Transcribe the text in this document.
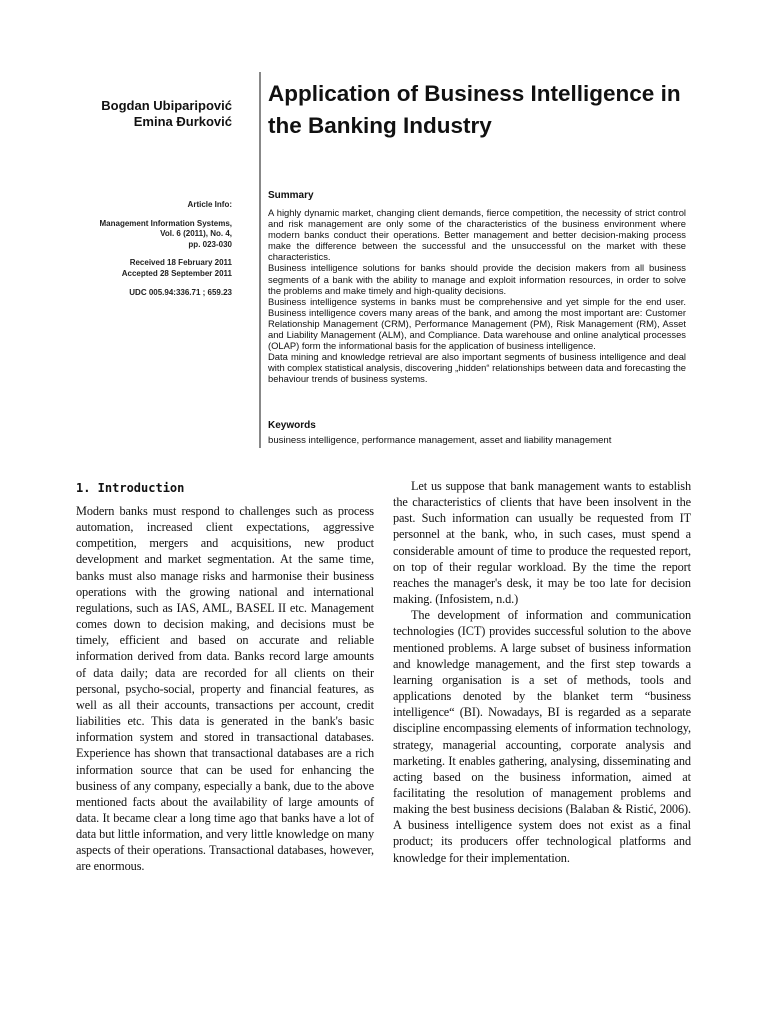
Bogdan Ubiparipović
Emina Đurković
Article Info:
Management Information Systems,
Vol. 6 (2011), No. 4,
pp. 023-030
Received 18 February 2011
Accepted 28 September 2011
UDC 005.94:336.71 ; 659.23
Application of Business Intelligence in the Banking Industry
Summary

A highly dynamic market, changing client demands, fierce competition, the necessity of strict control and risk management are only some of the characteristics of the business environment where modern banks conduct their operations. Better management and better decision-making process make the difference between the successful and the unsuccessful on the market with these characteristics.

Business intelligence solutions for banks should provide the decision makers from all business segments of a bank with the ability to manage and exploit information resources, in order to solve the problems and make timely and high-quality decisions.

Business intelligence systems in banks must be comprehensive and yet simple for the end user. Business intelligence covers many areas of the bank, and among the most important are: Customer Relationship Management (CRM), Performance Management (PM), Risk Management (RM), Asset and Liability Management (ALM), and Compliance. Data warehouse and online analytical processes (OLAP) form the informational basis for the application of business intelligence.

Data mining and knowledge retrieval are also important segments of business intelligence and deal with complex statistical analysis, discovering „hidden“ relationships between data and forecasting the behaviour trends of business systems.

Keywords
business intelligence, performance management, asset and liability management
1. Introduction

Modern banks must respond to challenges such as process automation, increased client expectations, aggressive competition, mergers and acquisitions, new product development and market segmentation. At the same time, banks must also manage risks and harmonise their business operations with the growing national and international regulations, such as IAS, AML, BASEL II etc. Management comes down to decision making, and decisions must be timely, efficient and based on accurate and reliable information derived from data. Banks record large amounts of data daily; data are recorded for all clients on their personal, psycho-social, property and financial features, as well as all their accounts, transactions per account, credit liabilities etc. This data is generated in the bank's basic information system and stored in transactional databases. Experience has shown that transactional databases are a rich information source that can be used for enhancing the business of any company, especially a bank, due to the above mentioned facts about the availability of large amounts of data. It became clear a long time ago that banks have a lot of data but little information, and very little knowledge on many aspects of their operations. Transactional databases, however, are enormous.

Let us suppose that bank management wants to establish the characteristics of clients that have been insolvent in the past. Such information can usually be requested from IT personnel at the bank, who, in such cases, must spend a considerable amount of time to produce the requested report, on top of their regular workload. By the time the report reaches the manager's desk, it may be too late for decision making. (Infosistem, n.d.)

The development of information and communication technologies (ICT) provides successful solution to the above mentioned problems. A large subset of business information and knowledge management, and the first step towards a learning organisation is a set of methods, tools and applications denoted by the blanket term “business intelligence“ (BI). Nowadays, BI is regarded as a separate discipline encompassing elements of information technology, strategy, managerial accounting, corporate analysis and marketing. It enables gathering, analysing, disseminating and acting based on the business information, aimed at facilitating the resolution of management problems and making the best business decisions (Balaban & Ristić, 2006). A business intelligence system does not exist as a final product; its producers offer technological platforms and knowledge for their implementation.
